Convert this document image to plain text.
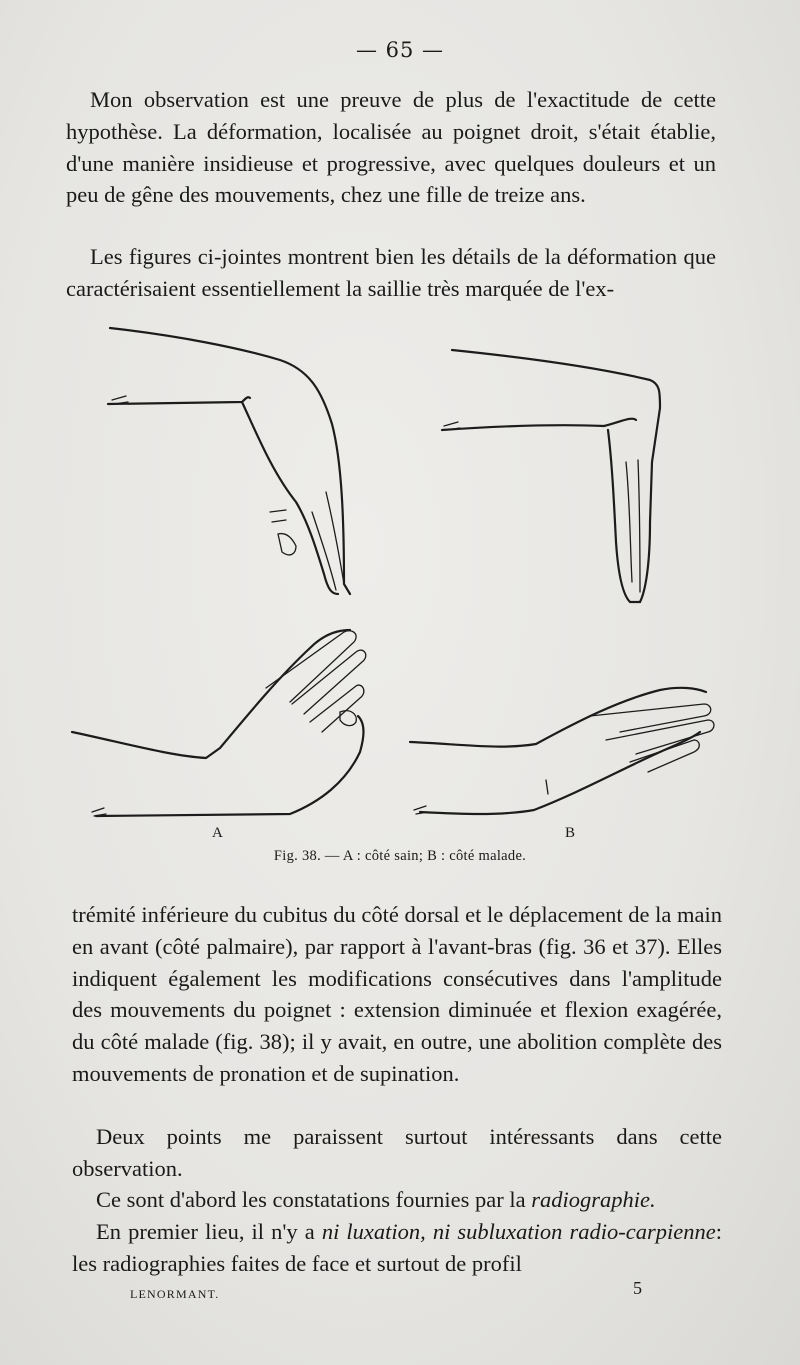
— 65 —

Mon observation est une preuve de plus de l'exactitude de cette hypothèse. La déformation, localisée au poignet droit, s'était établie, d'une manière insidieuse et progressive, avec quelques douleurs et un peu de gêne des mouvements, chez une fille de treize ans.

Les figures ci-jointes montrent bien les détails de la déformation que caractérisaient essentiellement la saillie très marquée de l'ex-

A	B
Fig. 38. — A : côté sain; B : côté malade.

trémité inférieure du cubitus du côté dorsal et le déplacement de la main en avant (côté palmaire), par rapport à l'avant-bras (fig. 36 et 37). Elles indiquent également les modifications consécutives dans l'amplitude des mouvements du poignet : extension diminuée et flexion exagérée, du côté malade (fig. 38); il y avait, en outre, une abolition complète des mouvements de pronation et de supination.

Deux points me paraissent surtout intéressants dans cette observation.

Ce sont d'abord les constatations fournies par la radiographie.

En premier lieu, il n'y a ni luxation, ni subluxation radio-carpienne: les radiographies faites de face et surtout de profil

LENORMANT.	5
